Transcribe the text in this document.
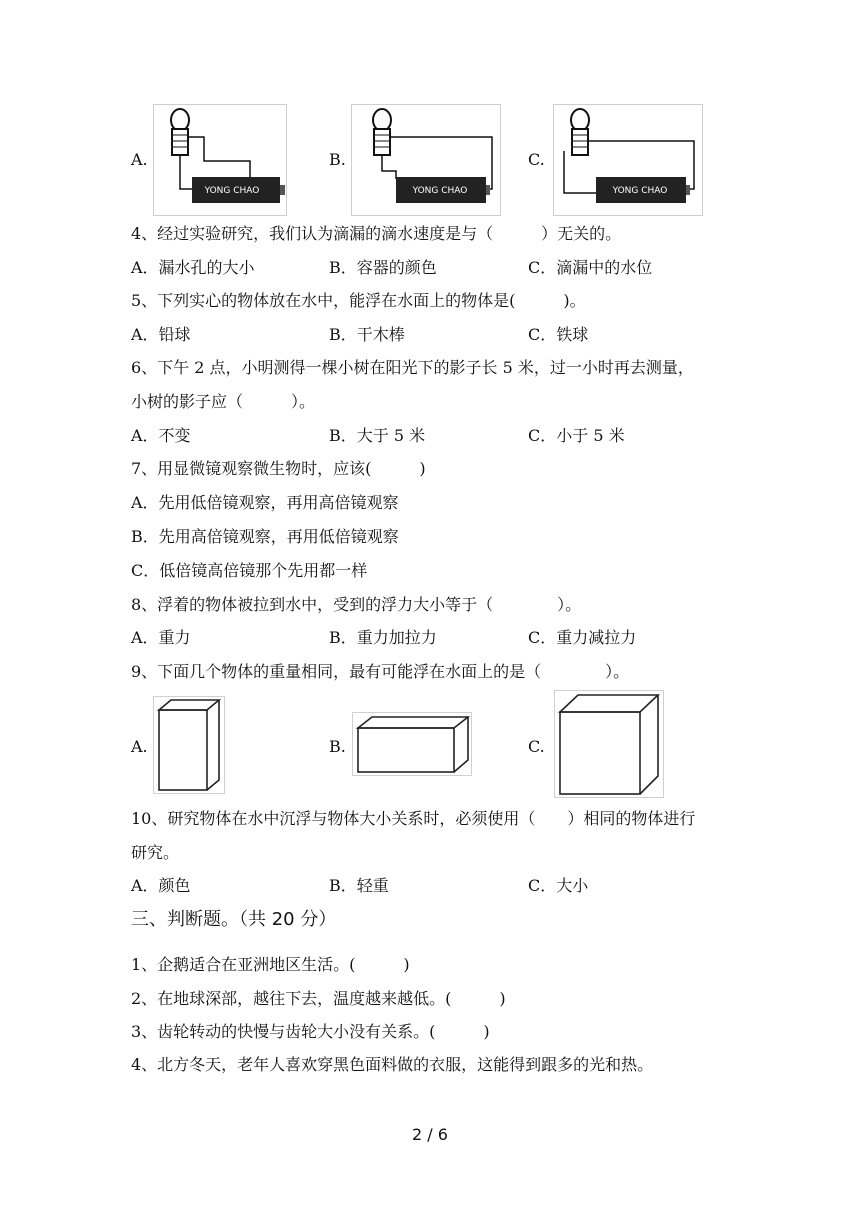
A.
YONG CHAO
B.
YONG CHAO
C.
YONG CHAO
4、经过实验研究，我们认为滴漏的滴水速度是与（　　　）无关的。
A．漏水孔的大小	B．容器的颜色	C．滴漏中的水位
5、下列实心的物体放在水中，能浮在水面上的物体是(　　　)。
A．铅球	B．干木棒	C．铁球
6、下午 2 点，小明测得一棵小树在阳光下的影子长 5 米，过一小时再去测量，
小树的影子应（　　　）。
A．不变	B．大于 5 米	C．小于 5 米
7、用显微镜观察微生物时，应该(　　　)
A．先用低倍镜观察，再用高倍镜观察
B．先用高倍镜观察，再用低倍镜观察
C．低倍镜高倍镜那个先用都一样
8、浮着的物体被拉到水中，受到的浮力大小等于（　　　　）。
A．重力	B．重力加拉力	C．重力减拉力
9、下面几个物体的重量相同，最有可能浮在水面上的是（　　　　）。
A.	B.	C.
10、研究物体在水中沉浮与物体大小关系时，必须使用（　　）相同的物体进行
研究。
A．颜色	B．轻重	C．大小
三、判断题。（共 20 分）
1、企鹅适合在亚洲地区生活。(　　　)
2、在地球深部，越往下去，温度越来越低。(　　　)
3、齿轮转动的快慢与齿轮大小没有关系。(　　　)
4、北方冬天，老年人喜欢穿黑色面料做的衣服，这能得到跟多的光和热。
2 / 6
